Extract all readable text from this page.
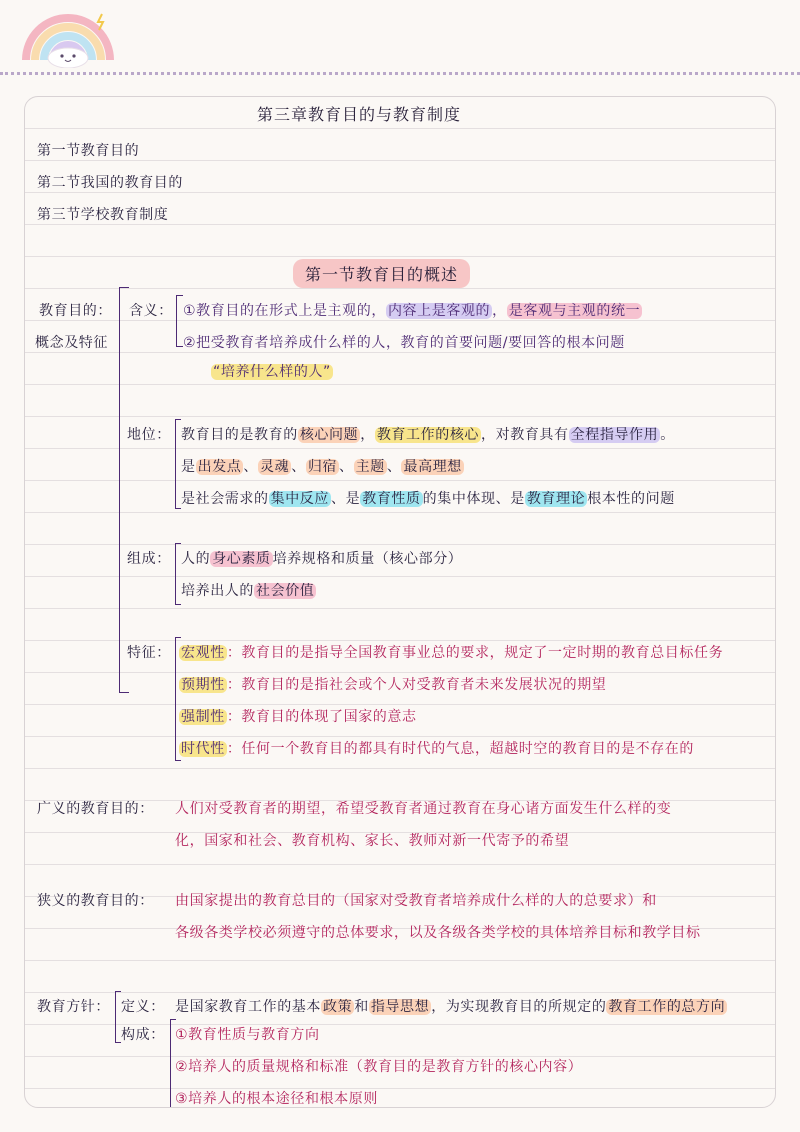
第三章教育目的与教育制度
第一节教育目的
第二节我国的教育目的
第三节学校教育制度
第一节教育目的概述
教育目的：
概念及特征
含义： ①教育目的在形式上是主观的， 内容上是客观的 ， 是客观与主观的统一
②把受教育者培养成什么样的人，教育的首要问题/要回答的根本问题
“培养什么样的人”
地位： 教育目的是教育的 核心问题 ， 教育工作的核心 ，对教育具有 全程指导作用 。
是 出发点 、 灵魂 、 归宿 、 主题 、 最高理想
是社会需求的 集中反应 、是 教育性质 的集中体现、是 教育理论 根本性的问题
组成： 人的 身心素质 培养规格和质量（核心部分）
培养出人的 社会价值
特征： 宏观性 ：教育目的是指导全国教育事业总的要求，规定了一定时期的教育总目标任务
预期性 ：教育目的是指社会或个人对受教育者未来发展状况的期望
强制性 ：教育目的体现了国家的意志
时代性 ：任何一个教育目的都具有时代的气息，超越时空的教育目的是不存在的
广义的教育目的： 人们对受教育者的期望，希望受教育者通过教育在身心诸方面发生什么样的变
化，国家和社会、教育机构、家长、教师对新一代寄予的希望
狭义的教育目的： 由国家提出的教育总目的（国家对受教育者培养成什么样的人的总要求）和
各级各类学校必须遵守的总体要求，以及各级各类学校的具体培养目标和教学目标
教育方针： 定义： 是国家教育工作的基本 政策 和 指导思想 ，为实现教育目的所规定的 教育工作的总方向
构成： ①教育性质与教育方向
②培养人的质量规格和标准（教育目的是教育方针的核心内容）
③培养人的根本途径和根本原则
